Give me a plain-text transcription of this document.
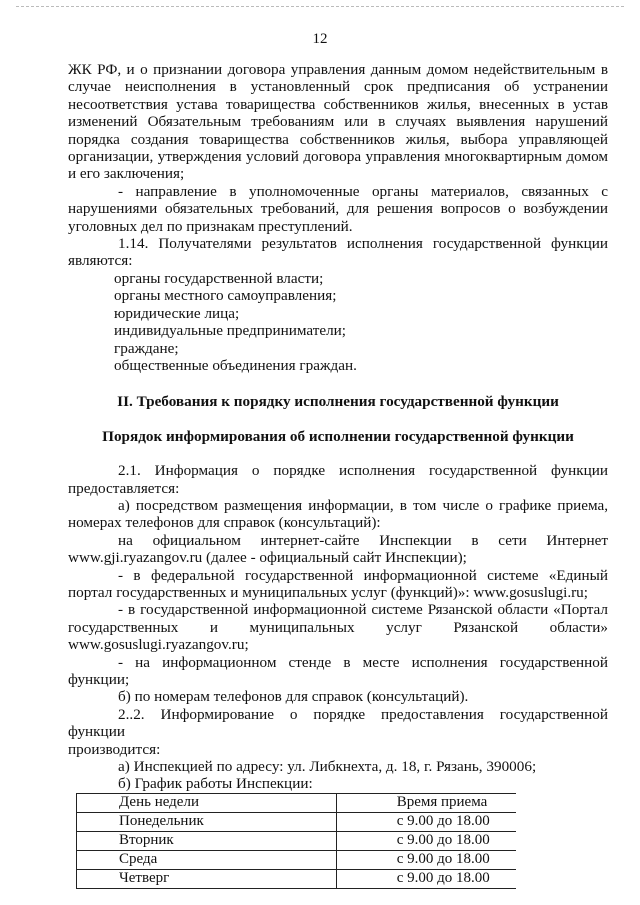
12

ЖК РФ, и о признании договора управления данным домом недействительным в

случае неисполнения в установленный срок предписания об устранении

несоответствия устава товарищества собственников жилья, внесенных в устав

изменений Обязательным требованиям или в случаях выявления нарушений

порядка создания товарищества собственников жилья, выбора управляющей

организации, утверждения условий договора управления многоквартирным домом

и его заключения;

- направление в уполномоченные органы материалов, связанных с

нарушениями обязательных требований, для решения вопросов о возбуждении

уголовных дел по признакам преступлений.

1.14. Получателями результатов исполнения государственной функции

являются:

органы государственной власти;

органы местного самоуправления;

юридические лица;

индивидуальные предприниматели;

граждане;

общественные объединения граждан.

II. Требования к порядку исполнения государственной функции

Порядок информирования об исполнении государственной функции

2.1. Информация о порядке исполнения государственной функции

предоставляется:

а) посредством размещения информации, в том числе о графике приема,

номерах телефонов для справок (консультаций):

на официальном интернет-сайте Инспекции в сети Интернет

www.gji.ryazangov.ru (далее - официальный сайт Инспекции);

- в федеральной государственной информационной системе «Единый

портал государственных и муниципальных услуг (функций)»: www.gosuslugi.ru;

- в государственной информационной системе Рязанской области «Портал

государственных и муниципальных услуг Рязанской области»

www.gosuslugi.ryazangov.ru;

- на информационном стенде в месте исполнения государственной

функции;

б) по номерам телефонов для справок (консультаций).

2..2. Информирование о порядке предоставления государственной функции

производится:

а) Инспекцией по адресу: ул. Либкнехта, д. 18, г. Рязань, 390006;

б) График работы Инспекции:

День недели	Время приема
Понедельник	с 9.00 до 18.00
Вторник	с 9.00 до 18.00
Среда	с 9.00 до 18.00
Четверг	с 9.00 до 18.00
